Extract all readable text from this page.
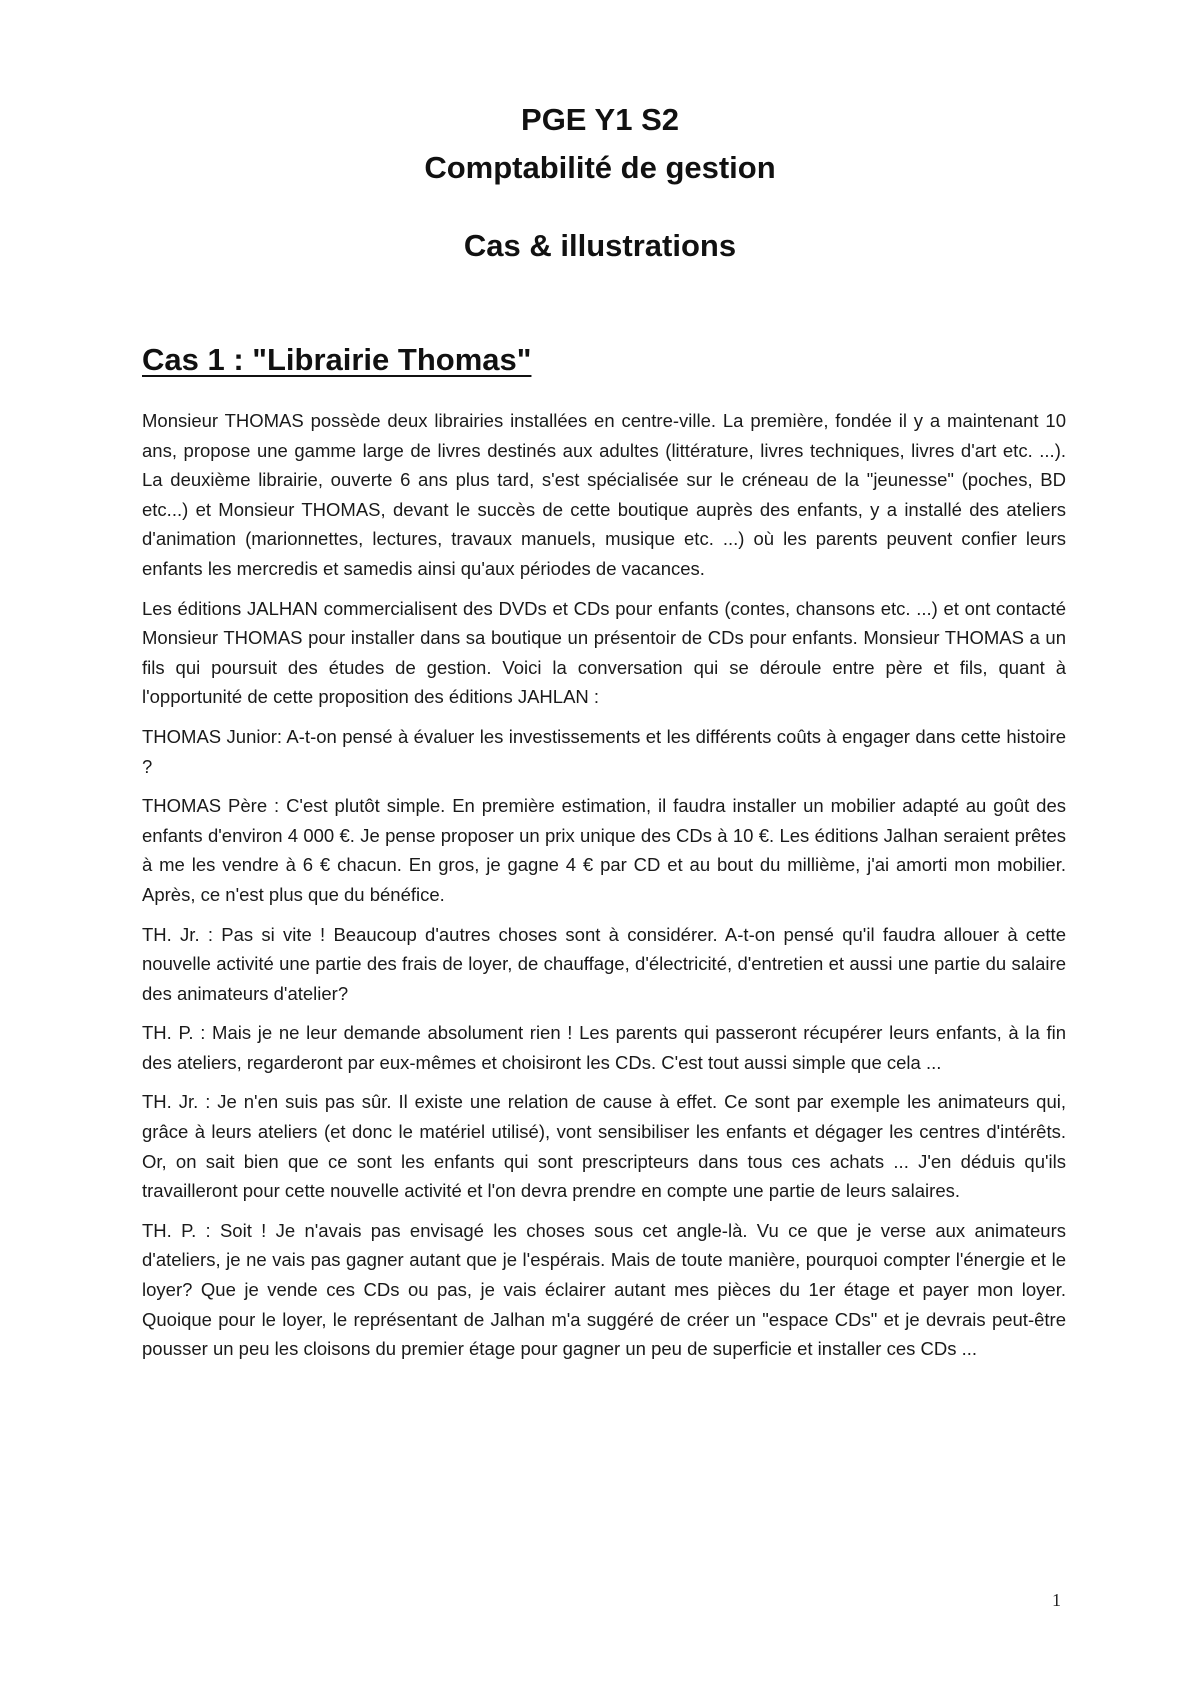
PGE Y1 S2

Comptabilité de gestion

Cas & illustrations

Cas 1 : "Librairie Thomas"

Monsieur THOMAS possède deux librairies installées en centre-ville. La première, fondée il y a maintenant 10 ans, propose une gamme large de livres destinés aux adultes (littérature, livres techniques, livres d'art etc. ...). La deuxième librairie, ouverte 6 ans plus tard, s'est spécialisée sur le créneau de la "jeunesse" (poches, BD etc...) et Monsieur THOMAS, devant le succès de cette boutique auprès des enfants, y a installé des ateliers d'animation (marionnettes, lectures, travaux manuels, musique etc. ...) où les parents peuvent confier leurs enfants les mercredis et samedis ainsi qu'aux périodes de vacances.

Les éditions JALHAN commercialisent des DVDs et CDs pour enfants (contes, chansons etc. ...) et ont contacté Monsieur THOMAS pour installer dans sa boutique un présentoir de CDs pour enfants. Monsieur THOMAS a un fils qui poursuit des études de gestion. Voici la conversation qui se déroule entre père et fils, quant à l'opportunité de cette proposition des éditions JAHLAN :

THOMAS Junior: A-t-on pensé à évaluer les investissements et les différents coûts à engager dans cette histoire ?

THOMAS Père : C'est plutôt simple. En première estimation, il faudra installer un mobilier adapté au goût des enfants d'environ 4 000 €. Je pense proposer un prix unique des CDs à 10 €. Les éditions Jalhan seraient prêtes à me les vendre à 6 € chacun. En gros, je gagne 4 € par CD et au bout du millième, j'ai amorti mon mobilier. Après, ce n'est plus que du bénéfice.

TH. Jr. : Pas si vite ! Beaucoup d'autres choses sont à considérer. A-t-on pensé qu'il faudra allouer à cette nouvelle activité une partie des frais de loyer, de chauffage, d'électricité, d'entretien et aussi une partie du salaire des animateurs d'atelier?

TH. P. : Mais je ne leur demande absolument rien ! Les parents qui passeront récupérer leurs enfants, à la fin des ateliers, regarderont par eux-mêmes et choisiront les CDs. C'est tout aussi simple que cela ...

TH. Jr. : Je n'en suis pas sûr. Il existe une relation de cause à effet. Ce sont par exemple les animateurs qui, grâce à leurs ateliers (et donc le matériel utilisé), vont sensibiliser les enfants et dégager les centres d'intérêts. Or, on sait bien que ce sont les enfants qui sont prescripteurs dans tous ces achats ... J'en déduis qu'ils travailleront pour cette nouvelle activité et l'on devra prendre en compte une partie de leurs salaires.

TH. P. : Soit ! Je n'avais pas envisagé les choses sous cet angle-là. Vu ce que je verse aux animateurs d'ateliers, je ne vais pas gagner autant que je l'espérais. Mais de toute manière, pourquoi compter l'énergie et le loyer? Que je vende ces CDs ou pas, je vais éclairer autant mes pièces du 1er étage et payer mon loyer. Quoique pour le loyer, le représentant de Jalhan m'a suggéré de créer un "espace CDs" et je devrais peut-être pousser un peu les cloisons du premier étage pour gagner un peu de superficie et installer ces CDs ...

1
